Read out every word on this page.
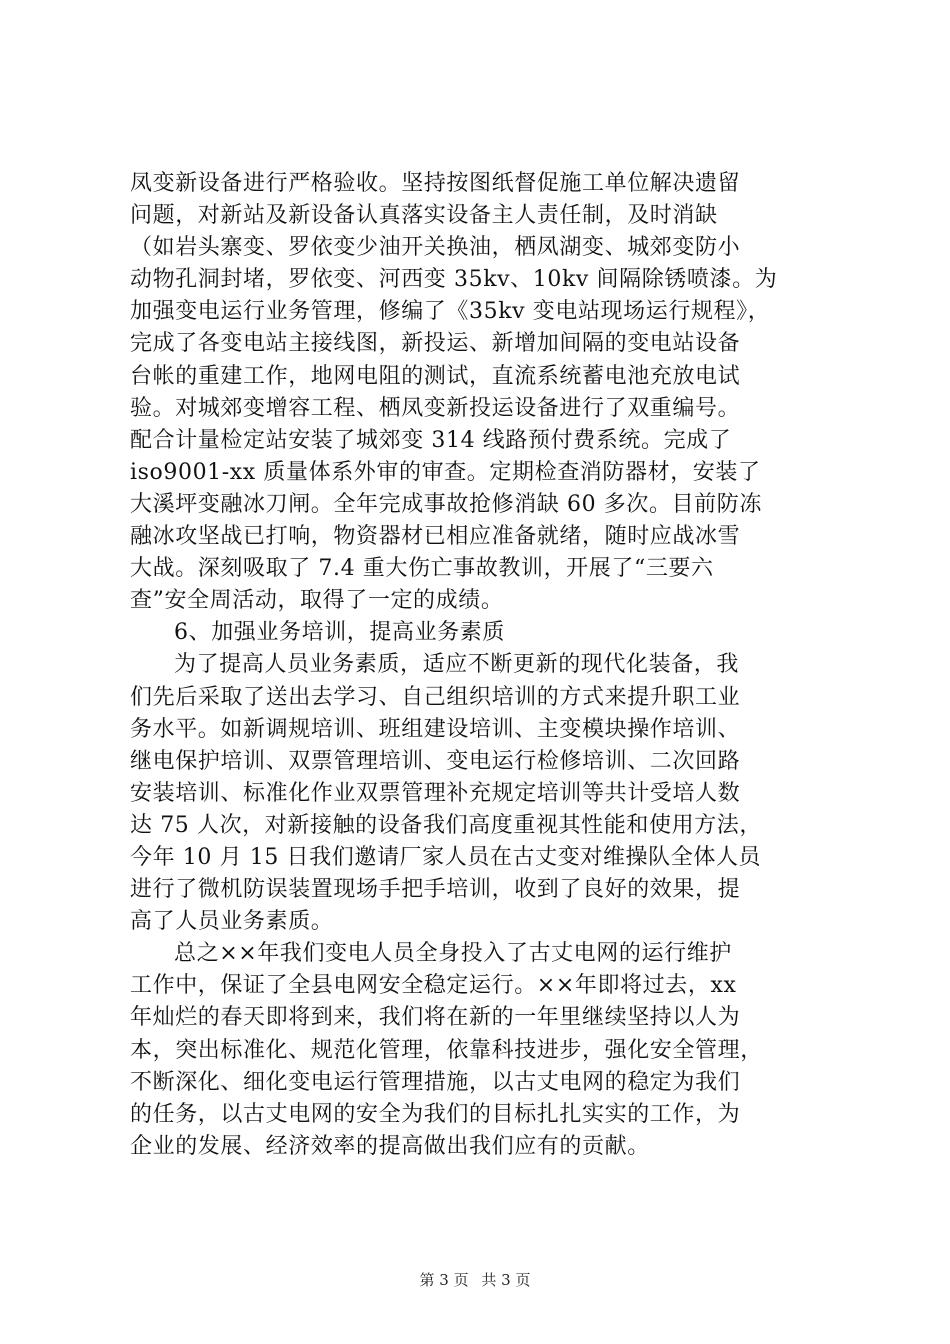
凤变新设备进行严格验收。坚持按图纸督促施工单位解决遗留
问题，对新站及新设备认真落实设备主人责任制，及时消缺
（如岩头寨变、罗依变少油开关换油，栖凤湖变、城郊变防小
动物孔洞封堵，罗依变、河西变 35kv、10kv 间隔除锈喷漆。为
加强变电运行业务管理，修编了《35kv 变电站现场运行规程》，
完成了各变电站主接线图，新投运、新增加间隔的变电站设备
台帐的重建工作，地网电阻的测试，直流系统蓄电池充放电试
验。对城郊变增容工程、栖凤变新投运设备进行了双重编号。
配合计量检定站安装了城郊变 314 线路预付费系统。完成了
iso9001-xx 质量体系外审的审查。定期检查消防器材，安装了
大溪坪变融冰刀闸。全年完成事故抢修消缺 60 多次。目前防冻
融冰攻坚战已打响，物资器材已相应准备就绪，随时应战冰雪
大战。深刻吸取了 7.4 重大伤亡事故教训，开展了“三要六
查”安全周活动，取得了一定的成绩。
6、加强业务培训，提高业务素质
为了提高人员业务素质，适应不断更新的现代化装备，我
们先后采取了送出去学习、自己组织培训的方式来提升职工业
务水平。如新调规培训、班组建设培训、主变模块操作培训、
继电保护培训、双票管理培训、变电运行检修培训、二次回路
安装培训、标准化作业双票管理补充规定培训等共计受培人数
达 75 人次，对新接触的设备我们高度重视其性能和使用方法，
今年 10 月 15 日我们邀请厂家人员在古丈变对维操队全体人员
进行了微机防误装置现场手把手培训，收到了良好的效果，提
高了人员业务素质。
总之××年我们变电人员全身投入了古丈电网的运行维护
工作中，保证了全县电网安全稳定运行。××年即将过去，xx
年灿烂的春天即将到来，我们将在新的一年里继续坚持以人为
本，突出标准化、规范化管理，依靠科技进步，强化安全管理，
不断深化、细化变电运行管理措施，以古丈电网的稳定为我们
的任务，以古丈电网的安全为我们的目标扎扎实实的工作，为
企业的发展、经济效率的提高做出我们应有的贡献。
第 3 页 共 3 页
